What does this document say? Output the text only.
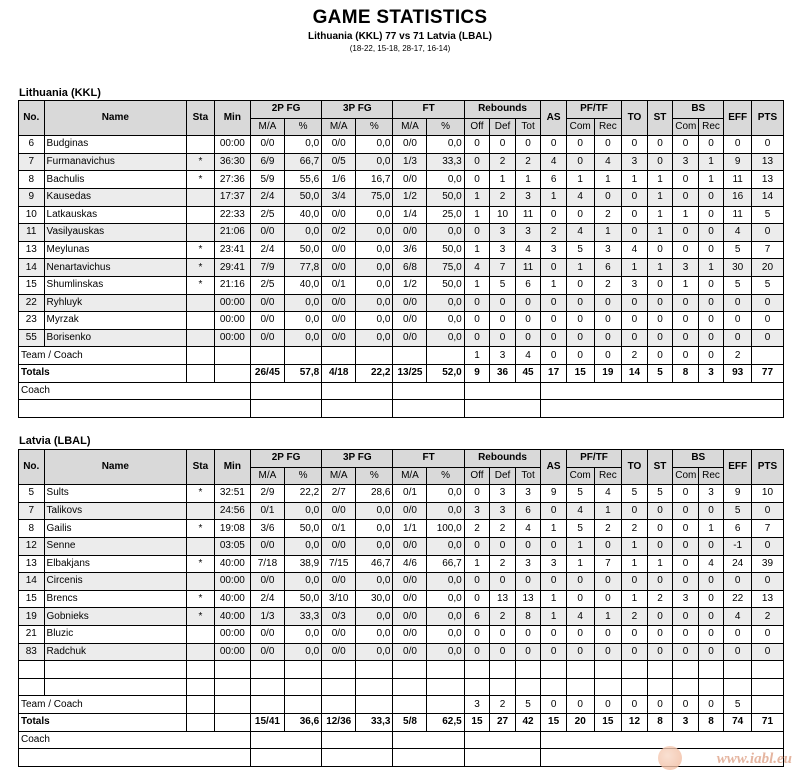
GAME STATISTICS
Lithuania (KKL) 77 vs 71 Latvia (LBAL)
(18-22, 15-18, 28-17, 16-14)
Lithuania (KKL)
No.	Name	Sta	Min	2P FG		3P FG		FT		Rebounds			AS	PF/TF		TO	ST	BS		EFF	PTS
				M/A	%	M/A	%	M/A	%	Off	Def	Tot		Com	Rec			Com	Rec		
6	Budginas		00:00	0/0	0,0	0/0	0,0	0/0	0,0	0	0	0	0	0	0	0	0	0	0	0	0
7	Furmanavichus	*	36:30	6/9	66,7	0/5	0,0	1/3	33,3	0	2	2	4	0	4	3	0	3	1	9	13
8	Bachulis	*	27:36	5/9	55,6	1/6	16,7	0/0	0,0	0	1	1	6	1	1	1	1	0	1	11	13
9	Kausedas		17:37	2/4	50,0	3/4	75,0	1/2	50,0	1	2	3	1	4	0	0	1	0	0	16	14
10	Latkauskas		22:33	2/5	40,0	0/0	0,0	1/4	25,0	1	10	11	0	0	2	0	1	1	0	11	5
11	Vasilyauskas		21:06	0/0	0,0	0/2	0,0	0/0	0,0	0	3	3	2	4	1	0	1	0	0	4	0
13	Meylunas	*	23:41	2/4	50,0	0/0	0,0	3/6	50,0	1	3	4	3	5	3	4	0	0	0	5	7
14	Nenartavichus	*	29:41	7/9	77,8	0/0	0,0	6/8	75,0	4	7	11	0	1	6	1	1	3	1	30	20
15	Shumlinskas	*	21:16	2/5	40,0	0/1	0,0	1/2	50,0	1	5	6	1	0	2	3	0	1	0	5	5
22	Ryhluyk		00:00	0/0	0,0	0/0	0,0	0/0	0,0	0	0	0	0	0	0	0	0	0	0	0	0
23	Myrzak		00:00	0/0	0,0	0/0	0,0	0/0	0,0	0	0	0	0	0	0	0	0	0	0	0	0
55	Borisenko		00:00	0/0	0,0	0/0	0,0	0/0	0,0	0	0	0	0	0	0	0	0	0	0	0	0
Team / Coach										1	3	4	0	0	0	2	0	0	0	2	
Totals				26/45	57,8	4/18	22,2	13/25	52,0	9	36	45	17	15	19	14	5	8	3	93	77
Coach																					

Latvia (LBAL)
No.	Name	Sta	Min	2P FG		3P FG		FT		Rebounds			AS	PF/TF		TO	ST	BS		EFF	PTS
				M/A	%	M/A	%	M/A	%	Off	Def	Tot		Com	Rec			Com	Rec		
5	Sults	*	32:51	2/9	22,2	2/7	28,6	0/1	0,0	0	3	3	9	5	4	5	5	0	3	9	10
7	Talikovs		24:56	0/1	0,0	0/0	0,0	0/0	0,0	3	3	6	0	4	1	0	0	0	0	5	0
8	Gailis	*	19:08	3/6	50,0	0/1	0,0	1/1	100,0	2	2	4	1	5	2	2	0	0	1	6	7
12	Senne		03:05	0/0	0,0	0/0	0,0	0/0	0,0	0	0	0	0	1	0	1	0	0	0	-1	0
13	Elbakjans	*	40:00	7/18	38,9	7/15	46,7	4/6	66,7	1	2	3	3	1	7	1	1	0	4	24	39
14	Circenis		00:00	0/0	0,0	0/0	0,0	0/0	0,0	0	0	0	0	0	0	0	0	0	0	0	0
15	Brencs	*	40:00	2/4	50,0	3/10	30,0	0/0	0,0	0	13	13	1	0	0	1	2	3	0	22	13
19	Gobnieks	*	40:00	1/3	33,3	0/3	0,0	0/0	0,0	6	2	8	1	4	1	2	0	0	0	4	2
21	Bluzic		00:00	0/0	0,0	0/0	0,0	0/0	0,0	0	0	0	0	0	0	0	0	0	0	0	0
83	Radchuk		00:00	0/0	0,0	0/0	0,0	0/0	0,0	0	0	0	0	0	0	0	0	0	0	0	0

Team / Coach										3	2	5	0	0	0	0	0	0	0	5	
Totals				15/41	36,6	12/36	33,3	5/8	62,5	15	27	42	15	20	15	12	8	3	8	74	71
Coach																					

www.iabl.eu
